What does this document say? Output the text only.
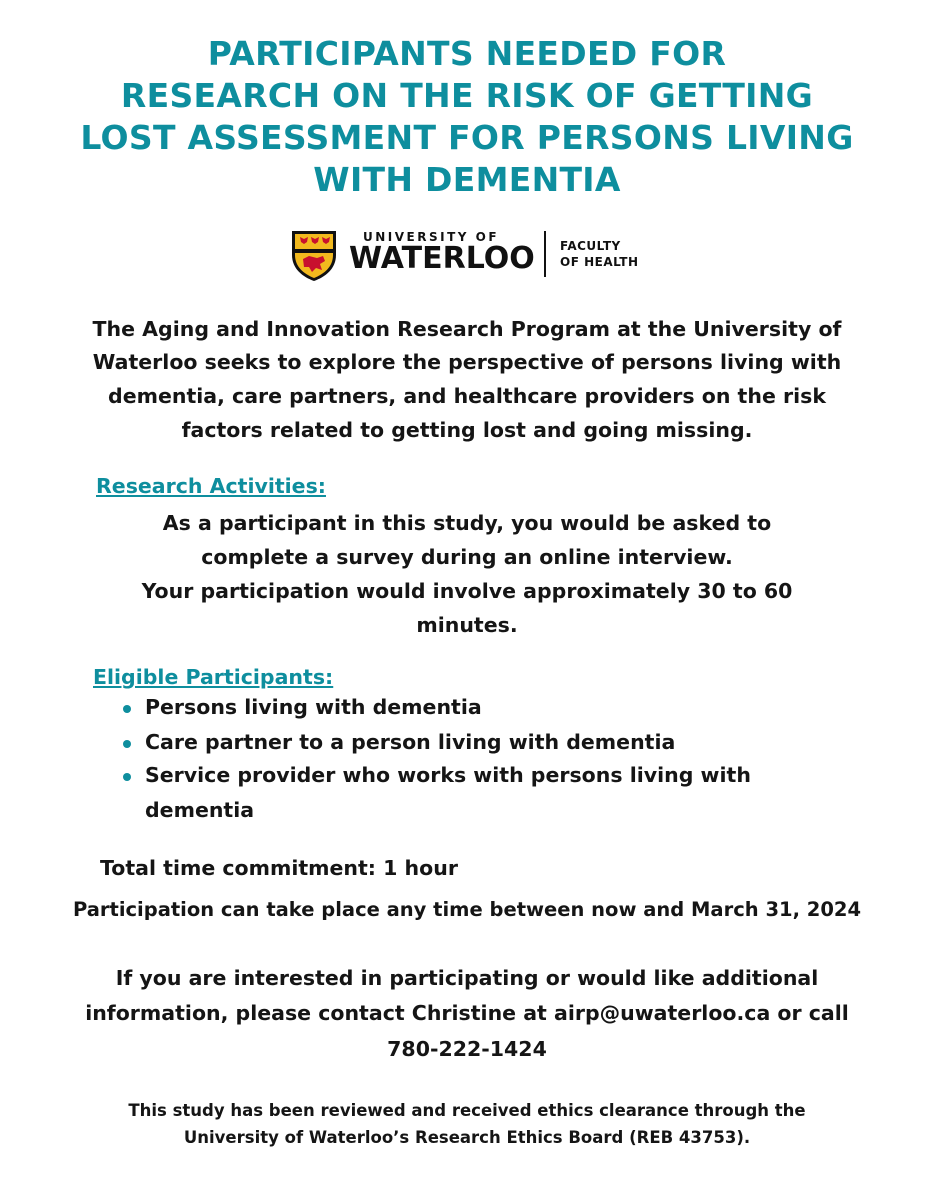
PARTICIPANTS NEEDED FOR
RESEARCH ON THE RISK OF GETTING
LOST ASSESSMENT FOR PERSONS LIVING
WITH DEMENTIA
UNIVERSITY OF
WATERLOO FACULTY
OF HEALTH
The Aging and Innovation Research Program at the University of
Waterloo seeks to explore the perspective of persons living with
dementia, care partners, and healthcare providers on the risk
factors related to getting lost and going missing.
Research Activities:
As a participant in this study, you would be asked to
complete a survey during an online interview.
Your participation would involve approximately 30 to 60
minutes.
Eligible Participants:
Persons living with dementia
Care partner to a person living with dementia
Service provider who works with persons living with
dementia
Total time commitment: 1 hour
Participation can take place any time between now and March 31, 2024
If you are interested in participating or would like additional
information, please contact Christine at airp@uwaterloo.ca or call
780-222-1424
This study has been reviewed and received ethics clearance through the
University of Waterloo’s Research Ethics Board (REB 43753).
